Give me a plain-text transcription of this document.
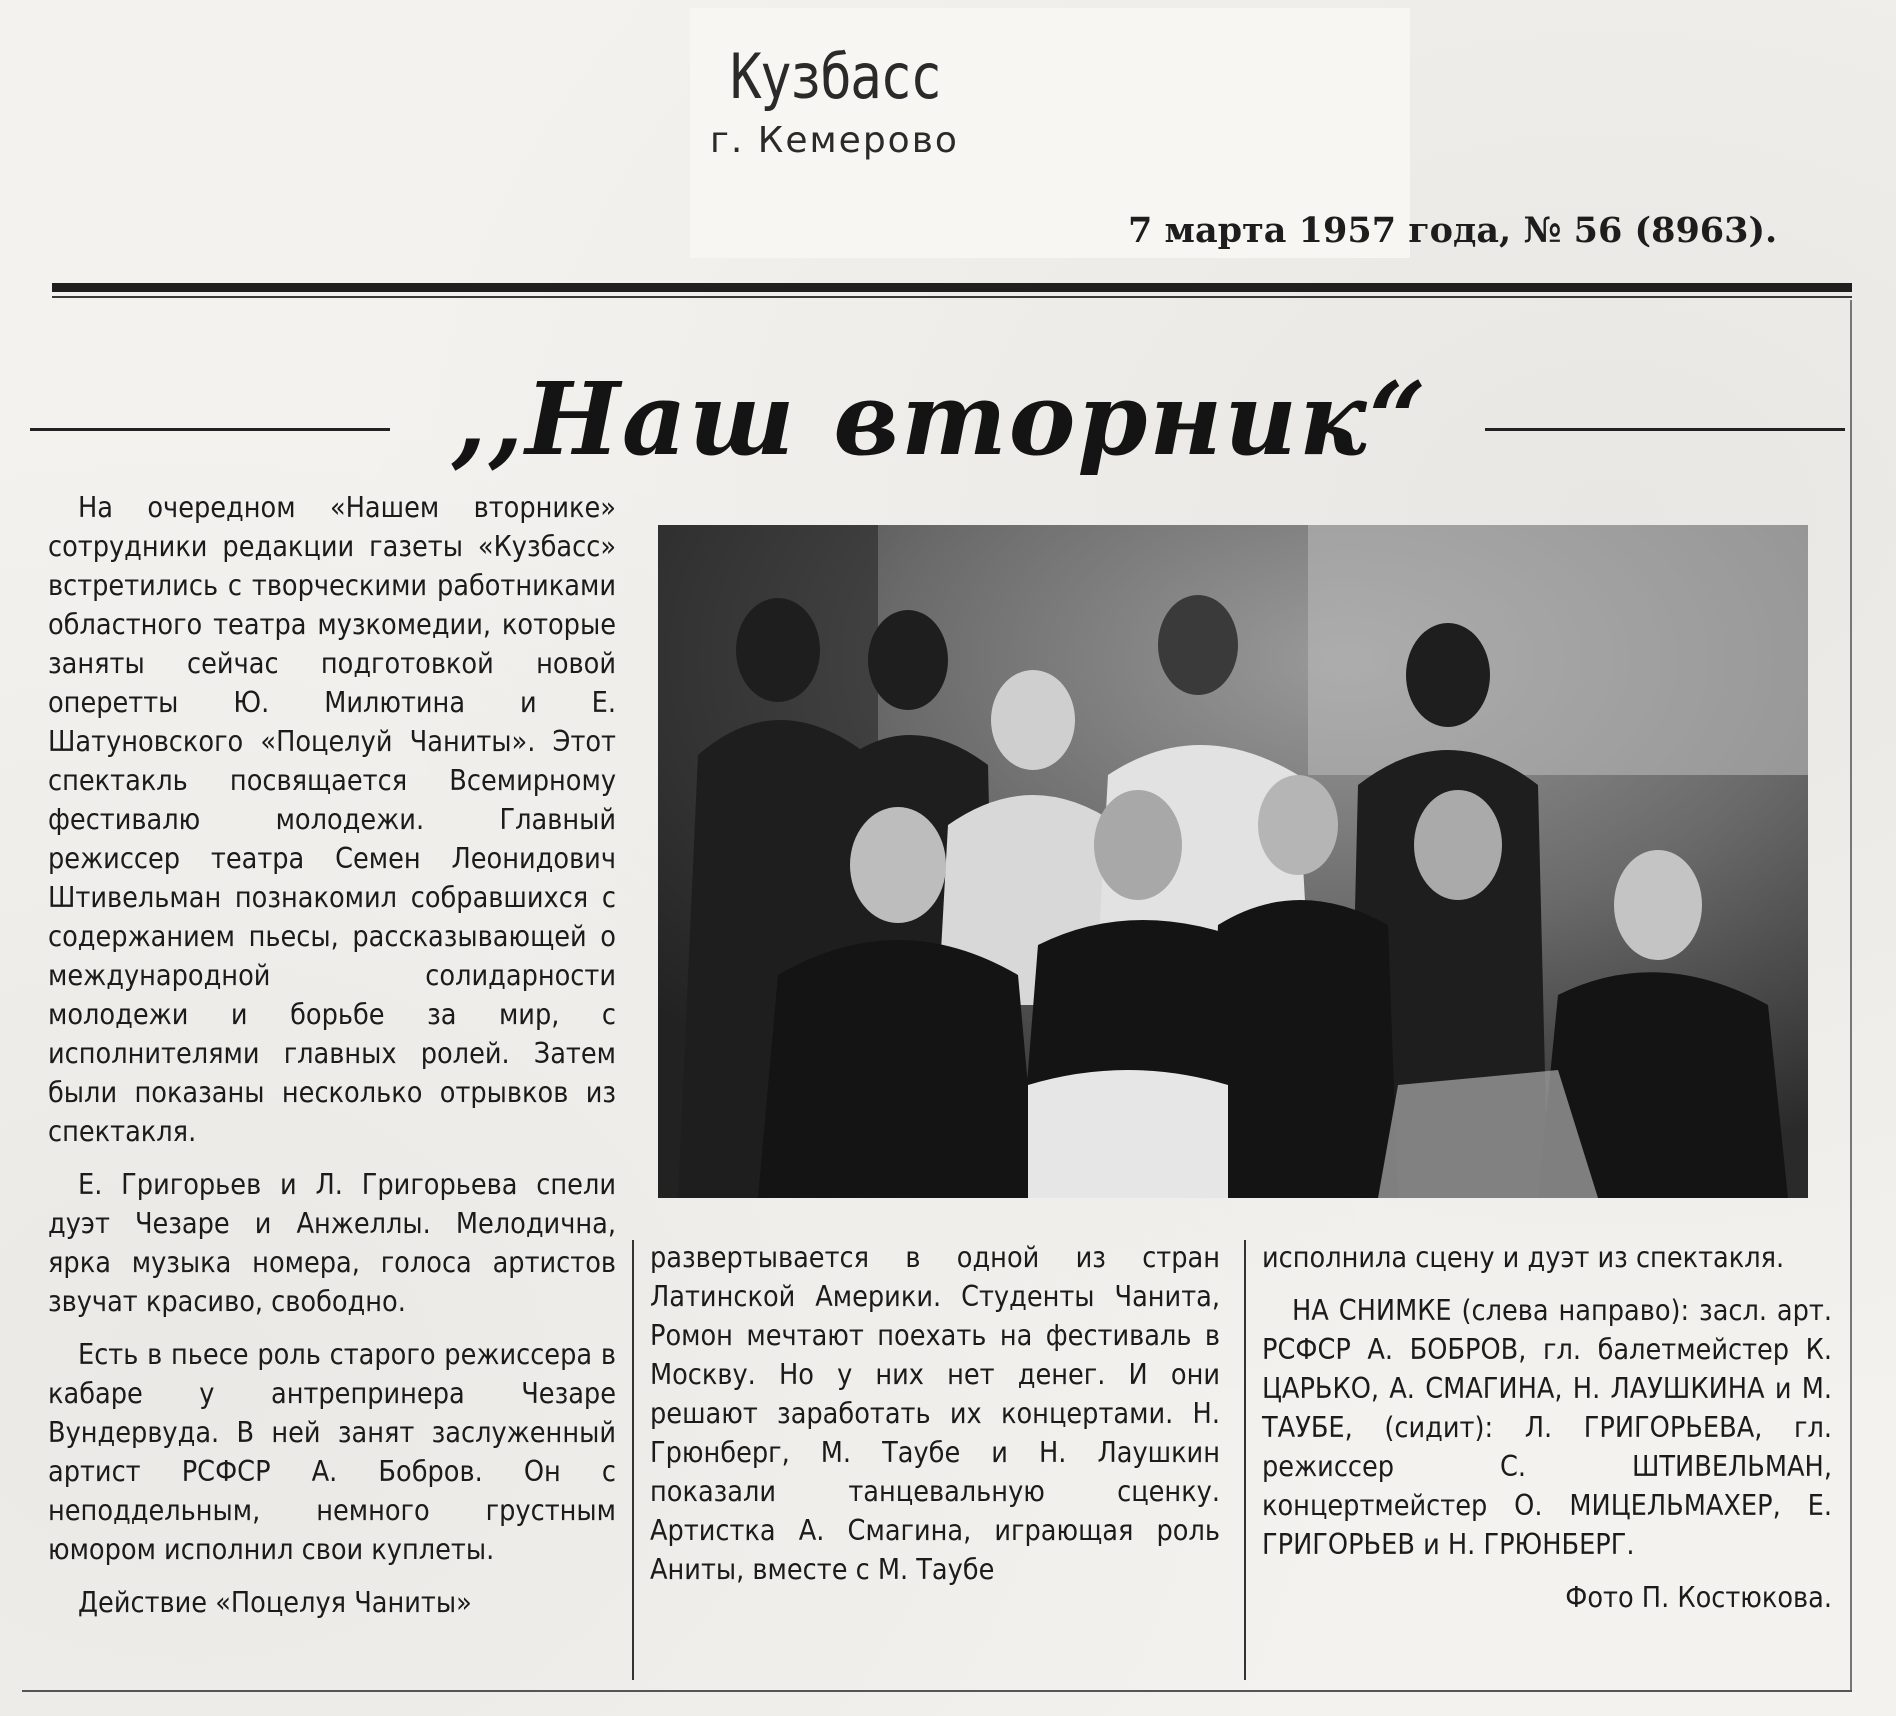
Кузбасс
г. Кемерово
7 марта 1957 года, № 56 (8963).
,,Наш вторник“

На очередном «Нашем вторнике» сотрудники редакции газеты «Кузбасс» встретились с творческими работниками областного театра музкомедии, которые заняты сейчас подготовкой новой оперетты Ю. Милютина и Е. Шатуновского «Поцелуй Чаниты». Этот спектакль посвящается Всемирному фестивалю молодежи. Главный режиссер театра Семен Леонидович Штивельман познакомил собравшихся с содержанием пьесы, рассказывающей о международной солидарности молодежи и борьбе за мир, с исполнителями главных ролей. Затем были показаны несколько отрывков из спектакля.

Е. Григорьев и Л. Григорьева спели дуэт Чезаре и Анжеллы. Мелодична, ярка музыка номера, голоса артистов звучат красиво, свободно.

Есть в пьесе роль старого режиссера в кабаре у антрепринера Чезаре Вундервуда. В ней занят заслуженный артист РСФСР А. Бобров. Он с неподдельным, немного грустным юмором исполнил свои куплеты.

Действие «Поцелуя Чаниты»

развертывается в одной из стран Латинской Америки. Студенты Чанита, Ромон мечтают поехать на фестиваль в Москву. Но у них нет денег. И они решают заработать их концертами. Н. Грюнберг, М. Таубе и Н. Лаушкин показали танцевальную сценку. Артистка А. Смагина, играющая роль Аниты, вместе с М. Таубе

исполнила сцену и дуэт из спектакля.

НА СНИМКЕ (слева направо): засл. арт. РСФСР А. БОБРОВ, гл. балетмейстер К. ЦАРЬКО, А. СМАГИНА, Н. ЛАУШКИНА и М. ТАУБЕ, (сидит): Л. ГРИГОРЬЕВА, гл. режиссер С. ШТИВЕЛЬМАН, концертмейстер О. МИЦЕЛЬМАХЕР, Е. ГРИГОРЬЕВ и Н. ГРЮНБЕРГ.

Фото П. Костюкова.
